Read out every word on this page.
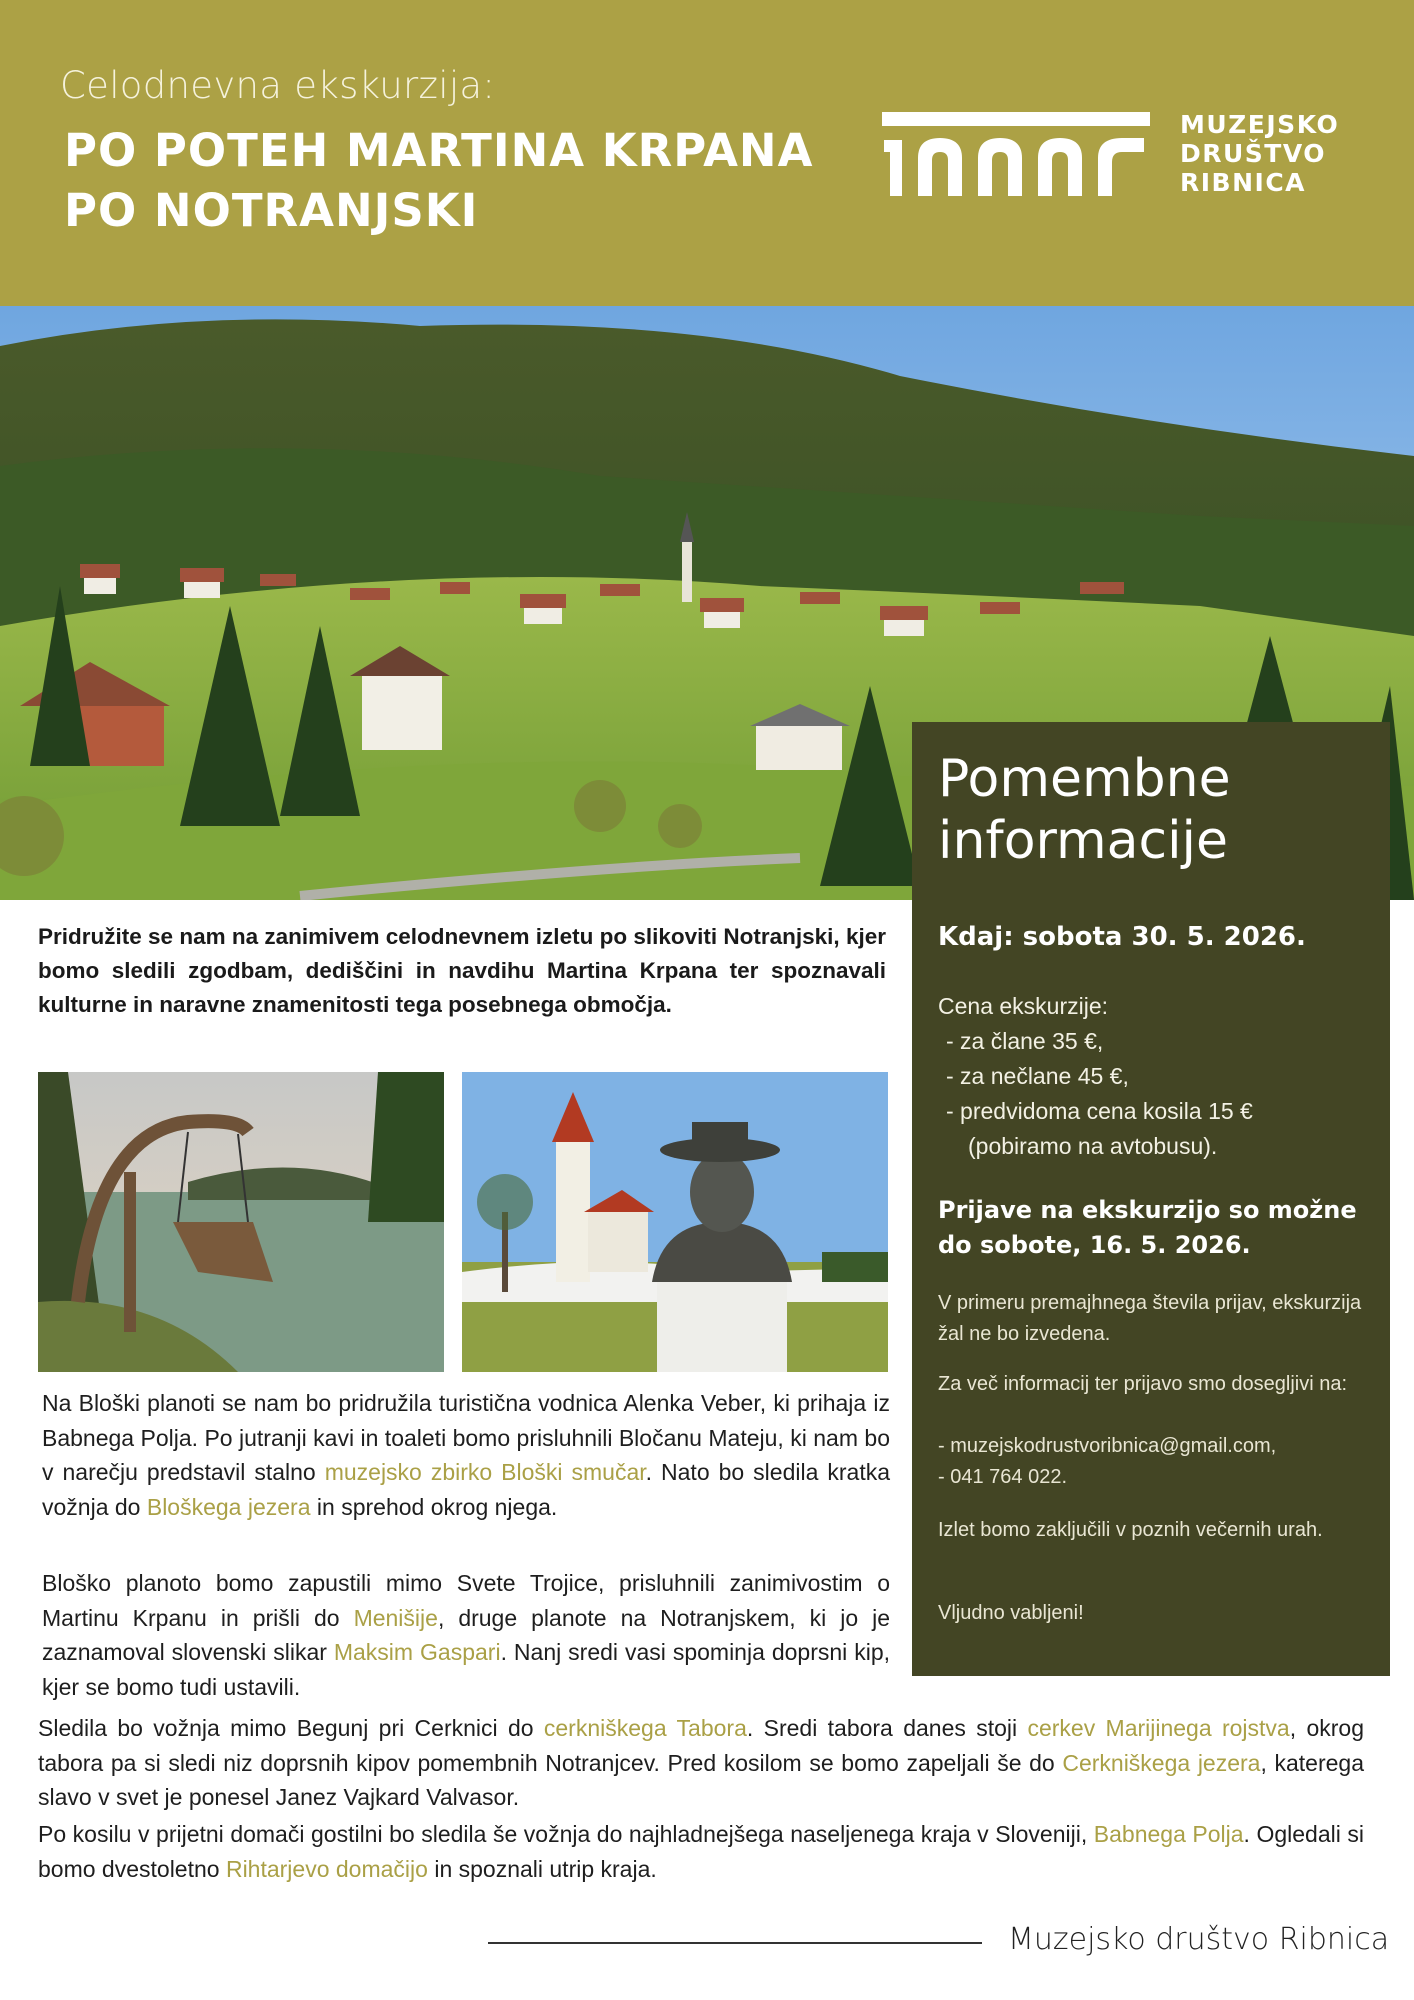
Celodnevna ekskurzija:
PO POTEH MARTINA KRPANA
PO NOTRANJSKI
MUZEJSKO
DRUŠTVO
RIBNICA
Pomembne informacije
Kdaj: sobota 30. 5. 2026.
Cena ekskurzije:
- za člane 35 €,
- za nečlane 45 €,
- predvidoma cena kosila 15 €
(pobiramo na avtobusu).
Prijave na ekskurzijo so možne do sobote, 16. 5. 2026.
V primeru premajhnega števila prijav, ekskurzija žal ne bo izvedena.
Za več informacij ter prijavo smo dosegljivi na:
- muzejskodrustvoribnica@gmail.com,
- 041 764 022.
Izlet bomo zaključili v poznih večernih urah.
Vljudno vabljeni!
Pridružite se nam na zanimivem celodnevnem izletu po slikoviti Notranjski, kjer bomo sledili zgodbam, dediščini in navdihu Martina Krpana ter spoznavali kulturne in naravne znamenitosti tega posebnega območja.
Na Bloški planoti se nam bo pridružila turistična vodnica Alenka Veber, ki prihaja iz Babnega Polja. Po jutranji kavi in toaleti bomo prisluhnili Bločanu Mateju, ki nam bo v narečju predstavil stalno muzejsko zbirko Bloški smučar. Nato bo sledila kratka vožnja do Bloškega jezera in sprehod okrog njega.
Bloško planoto bomo zapustili mimo Svete Trojice, prisluhnili zanimivostim o Martinu Krpanu in prišli do Menišije, druge planote na Notranjskem, ki jo je zaznamoval slovenski slikar Maksim Gaspari. Nanj sredi vasi spominja doprsni kip, kjer se bomo tudi ustavili.
Sledila bo vožnja mimo Begunj pri Cerknici do cerkniškega Tabora. Sredi tabora danes stoji cerkev Marijinega rojstva, okrog tabora pa si sledi niz doprsnih kipov pomembnih Notranjcev. Pred kosilom se bomo zapeljali še do Cerkniškega jezera, katerega slavo v svet je ponesel Janez Vajkard Valvasor.
Po kosilu v prijetni domači gostilni bo sledila še vožnja do najhladnejšega naseljenega kraja v Sloveniji, Babnega Polja. Ogledali si bomo dvestoletno Rihtarjevo domačijo in spoznali utrip kraja.
Muzejsko društvo Ribnica
